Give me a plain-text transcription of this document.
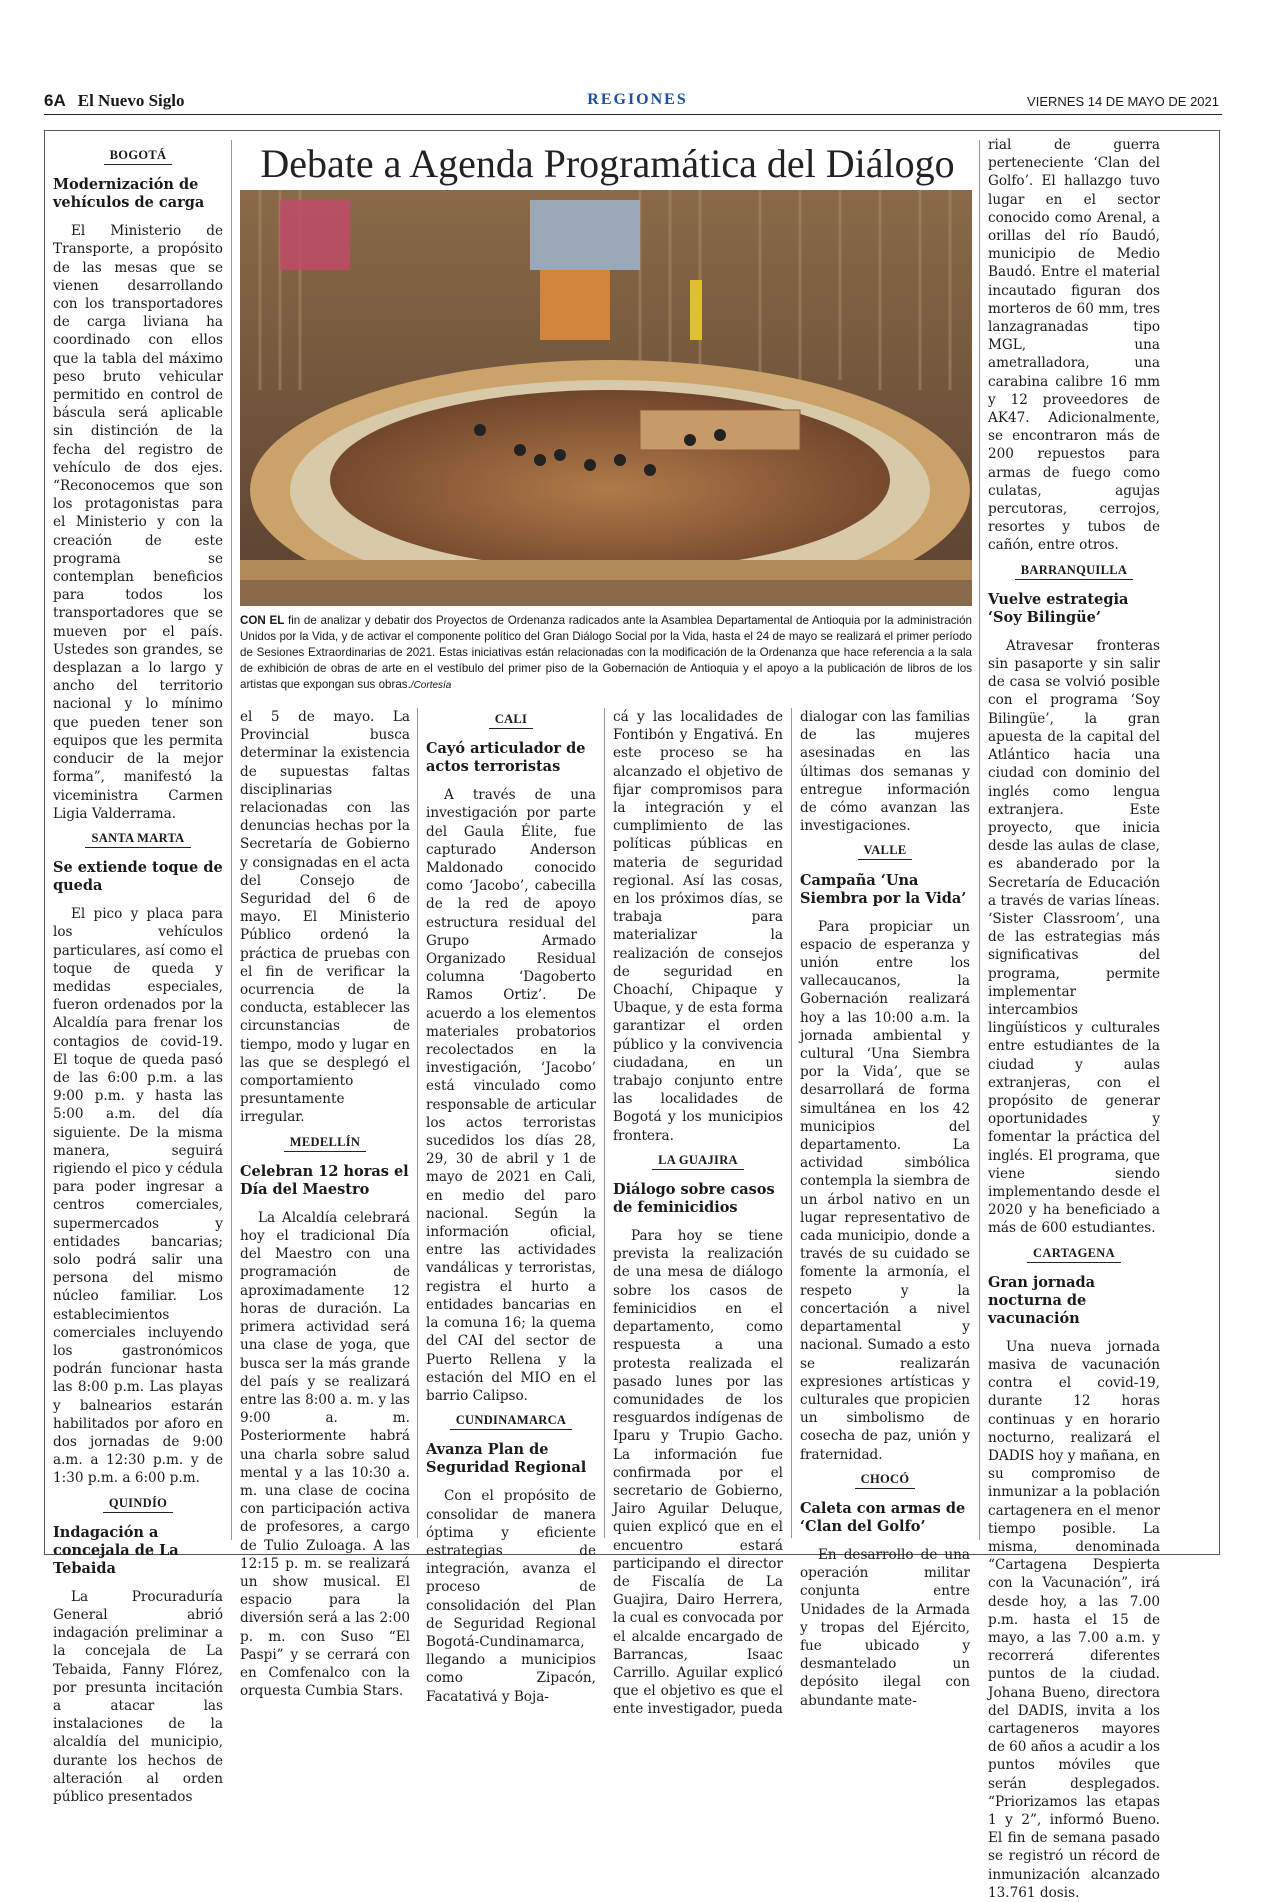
6A El Nuevo Siglo	REGIONES	VIERNES 14 DE MAYO DE 2021
Debate a Agenda Programática del Diálogo
CON EL fin de analizar y debatir dos Proyectos de Ordenanza radicados ante la Asamblea Departamental de Antioquia por la administración Unidos por la Vida, y de activar el componente político del Gran Diálogo Social por la Vida, hasta el 24 de mayo se realizará el primer período de Sesiones Extraordinarias de 2021. Estas iniciativas están relacionadas con la modificación de la Ordenanza que hace referencia a la sala de exhibición de obras de arte en el vestíbulo del primer piso de la Gobernación de Antioquia y el apoyo a la publicación de libros de los artistas que expongan sus obras./Cortesía
BOGOTÁ
Modernización de vehículos de carga

El Ministerio de Transporte, a propósito de las mesas que se vienen desarrollando con los transportadores de carga liviana ha coordinado con ellos que la tabla del máximo peso bruto vehicular permitido en control de báscula será aplicable sin distinción de la fecha del registro de vehículo de dos ejes. “Reconocemos que son los protagonistas para el Ministerio y con la creación de este programa se contemplan beneficios para todos los transportadores que se mueven por el país. Ustedes son grandes, se desplazan a lo largo y ancho del territorio nacional y lo mínimo que pueden tener son equipos que les permita conducir de la mejor forma”, manifestó la viceministra Carmen Ligia Valderrama.

SANTA MARTA
Se extiende toque de queda

El pico y placa para los vehículos particulares, así como el toque de queda y medidas especiales, fueron ordenados por la Alcaldía para frenar los contagios de covid-19. El toque de queda pasó de las 6:00 p.m. a las 9:00 p.m. y hasta las 5:00 a.m. del día siguiente. De la misma manera, seguirá rigiendo el pico y cédula para poder ingresar a centros comerciales, supermercados y entidades bancarias; solo podrá salir una persona del mismo núcleo familiar. Los establecimientos comerciales incluyendo los gastronómicos podrán funcionar hasta las 8:00 p.m. Las playas y balnearios estarán habilitados por aforo en dos jornadas de 9:00 a.m. a 12:30 p.m. y de 1:30 p.m. a 6:00 p.m.

QUINDÍO
Indagación a concejala de La Tebaida

La Procuraduría General abrió indagación preliminar a la concejala de La Tebaida, Fanny Flórez, por presunta incitación a atacar las instalaciones de la alcaldía del municipio, durante los hechos de alteración al orden público presentados

el 5 de mayo. La Provincial busca determinar la existencia de supuestas faltas disciplinarias relacionadas con las denuncias hechas por la Secretaría de Gobierno y consignadas en el acta del Consejo de Seguridad del 6 de mayo. El Ministerio Público ordenó la práctica de pruebas con el fin de verificar la ocurrencia de la conducta, establecer las circunstancias de tiempo, modo y lugar en las que se desplegó el comportamiento presuntamente irregular.

MEDELLÍN
Celebran 12 horas el Día del Maestro

La Alcaldía celebrará hoy el tradicional Día del Maestro con una programación de aproximadamente 12 horas de duración. La primera actividad será una clase de yoga, que busca ser la más grande del país y se realizará entre las 8:00 a. m. y las 9:00 a. m. Posteriormente habrá una charla sobre salud mental y a las 10:30 a. m. una clase de cocina con participación activa de profesores, a cargo de Tulio Zuloaga. A las 12:15 p. m. se realizará un show musical. El espacio para la diversión será a las 2:00 p. m. con Suso “El Paspi” y se cerrará con en Comfenalco con la orquesta Cumbia Stars.

CALI
Cayó articulador de actos terroristas

A través de una investigación por parte del Gaula Élite, fue capturado Anderson Maldonado conocido como ‘Jacobo’, cabecilla de la red de apoyo estructura residual del Grupo Armado Organizado Residual columna ‘Dagoberto Ramos Ortiz’. De acuerdo a los elementos materiales probatorios recolectados en la investigación, ‘Jacobo’ está vinculado como responsable de articular los actos terroristas sucedidos los días 28, 29, 30 de abril y 1 de mayo de 2021 en Cali, en medio del paro nacional. Según la información oficial, entre las actividades vandálicas y terroristas, registra el hurto a entidades bancarias en la comuna 16; la quema del CAI del sector de Puerto Rellena y la estación del MIO en el barrio Calipso.

CUNDINAMARCA
Avanza Plan de Seguridad Regional

Con el propósito de consolidar de manera óptima y eficiente estrategias de integración, avanza el proceso de consolidación del Plan de Seguridad Regional Bogotá-Cundinamarca, llegando a municipios como Zipacón, Facatativá y Boja-

cá y las localidades de Fontibón y Engativá. En este proceso se ha alcanzado el objetivo de fijar compromisos para la integración y el cumplimiento de las políticas públicas en materia de seguridad regional. Así las cosas, en los próximos días, se trabaja para materializar la realización de consejos de seguridad en Choachí, Chipaque y Ubaque, y de esta forma garantizar el orden público y la convivencia ciudadana, en un trabajo conjunto entre las localidades de Bogotá y los municipios frontera.

LA GUAJIRA
Diálogo sobre casos de feminicidios

Para hoy se tiene prevista la realización de una mesa de diálogo sobre los casos de feminicidios en el departamento, como respuesta a una protesta realizada el pasado lunes por las comunidades de los resguardos indígenas de Iparu y Trupio Gacho. La información fue confirmada por el secretario de Gobierno, Jairo Aguilar Deluque, quien explicó que en el encuentro estará participando el director de Fiscalía de La Guajira, Dairo Herrera, la cual es convocada por el alcalde encargado de Barrancas, Isaac Carrillo. Aguilar explicó que el objetivo es que el ente investigador, pueda

dialogar con las familias de las mujeres asesinadas en las últimas dos semanas y entregue información de cómo avanzan las investigaciones.

VALLE
Campaña ‘Una Siembra por la Vida’

Para propiciar un espacio de esperanza y unión entre los vallecaucanos, la Gobernación realizará hoy a las 10:00 a.m. la jornada ambiental y cultural ‘Una Siembra por la Vida’, que se desarrollará de forma simultánea en los 42 municipios del departamento. La actividad simbólica contempla la siembra de un árbol nativo en un lugar representativo de cada municipio, donde a través de su cuidado se fomente la armonía, el respeto y la concertación a nivel departamental y nacional. Sumado a esto se realizarán expresiones artísticas y culturales que propicien un simbolismo de cosecha de paz, unión y fraternidad.

CHOCÓ
Caleta con armas de ‘Clan del Golfo’

En desarrollo de una operación militar conjunta entre Unidades de la Armada y tropas del Ejército, fue ubicado y desmantelado un depósito ilegal con abundante mate-

rial de guerra perteneciente ‘Clan del Golfo’. El hallazgo tuvo lugar en el sector conocido como Arenal, a orillas del río Baudó, municipio de Medio Baudó. Entre el material incautado figuran dos morteros de 60 mm, tres lanzagranadas tipo MGL, una ametralladora, una carabina calibre 16 mm y 12 proveedores de AK47. Adicionalmente, se encontraron más de 200 repuestos para armas de fuego como culatas, agujas percutoras, cerrojos, resortes y tubos de cañón, entre otros.

BARRANQUILLA
Vuelve estrategia ‘Soy Bilingüe’

Atravesar fronteras sin pasaporte y sin salir de casa se volvió posible con el programa ‘Soy Bilingüe’, la gran apuesta de la capital del Atlántico hacia una ciudad con dominio del inglés como lengua extranjera. Este proyecto, que inicia desde las aulas de clase, es abanderado por la Secretaría de Educación a través de varias líneas. ‘Sister Classroom’, una de las estrategias más significativas del programa, permite implementar intercambios lingüísticos y culturales entre estudiantes de la ciudad y aulas extranjeras, con el propósito de generar oportunidades y fomentar la práctica del inglés. El programa, que viene siendo implementando desde el 2020 y ha beneficiado a más de 600 estudiantes.

CARTAGENA
Gran jornada nocturna de vacunación

Una nueva jornada masiva de vacunación contra el covid-19, durante 12 horas continuas y en horario nocturno, realizará el DADIS hoy y mañana, en su compromiso de inmunizar a la población cartagenera en el menor tiempo posible. La misma, denominada “Cartagena Despierta con la Vacunación”, irá desde hoy, a las 7.00 p.m. hasta el 15 de mayo, a las 7.00 a.m. y recorrerá diferentes puntos de la ciudad. Johana Bueno, directora del DADIS, invita a los cartageneros mayores de 60 años a acudir a los puntos móviles que serán desplegados. “Priorizamos las etapas 1 y 2”, informó Bueno. El fin de semana pasado se registró un récord de inmunización alcanzado 13.761 dosis.
